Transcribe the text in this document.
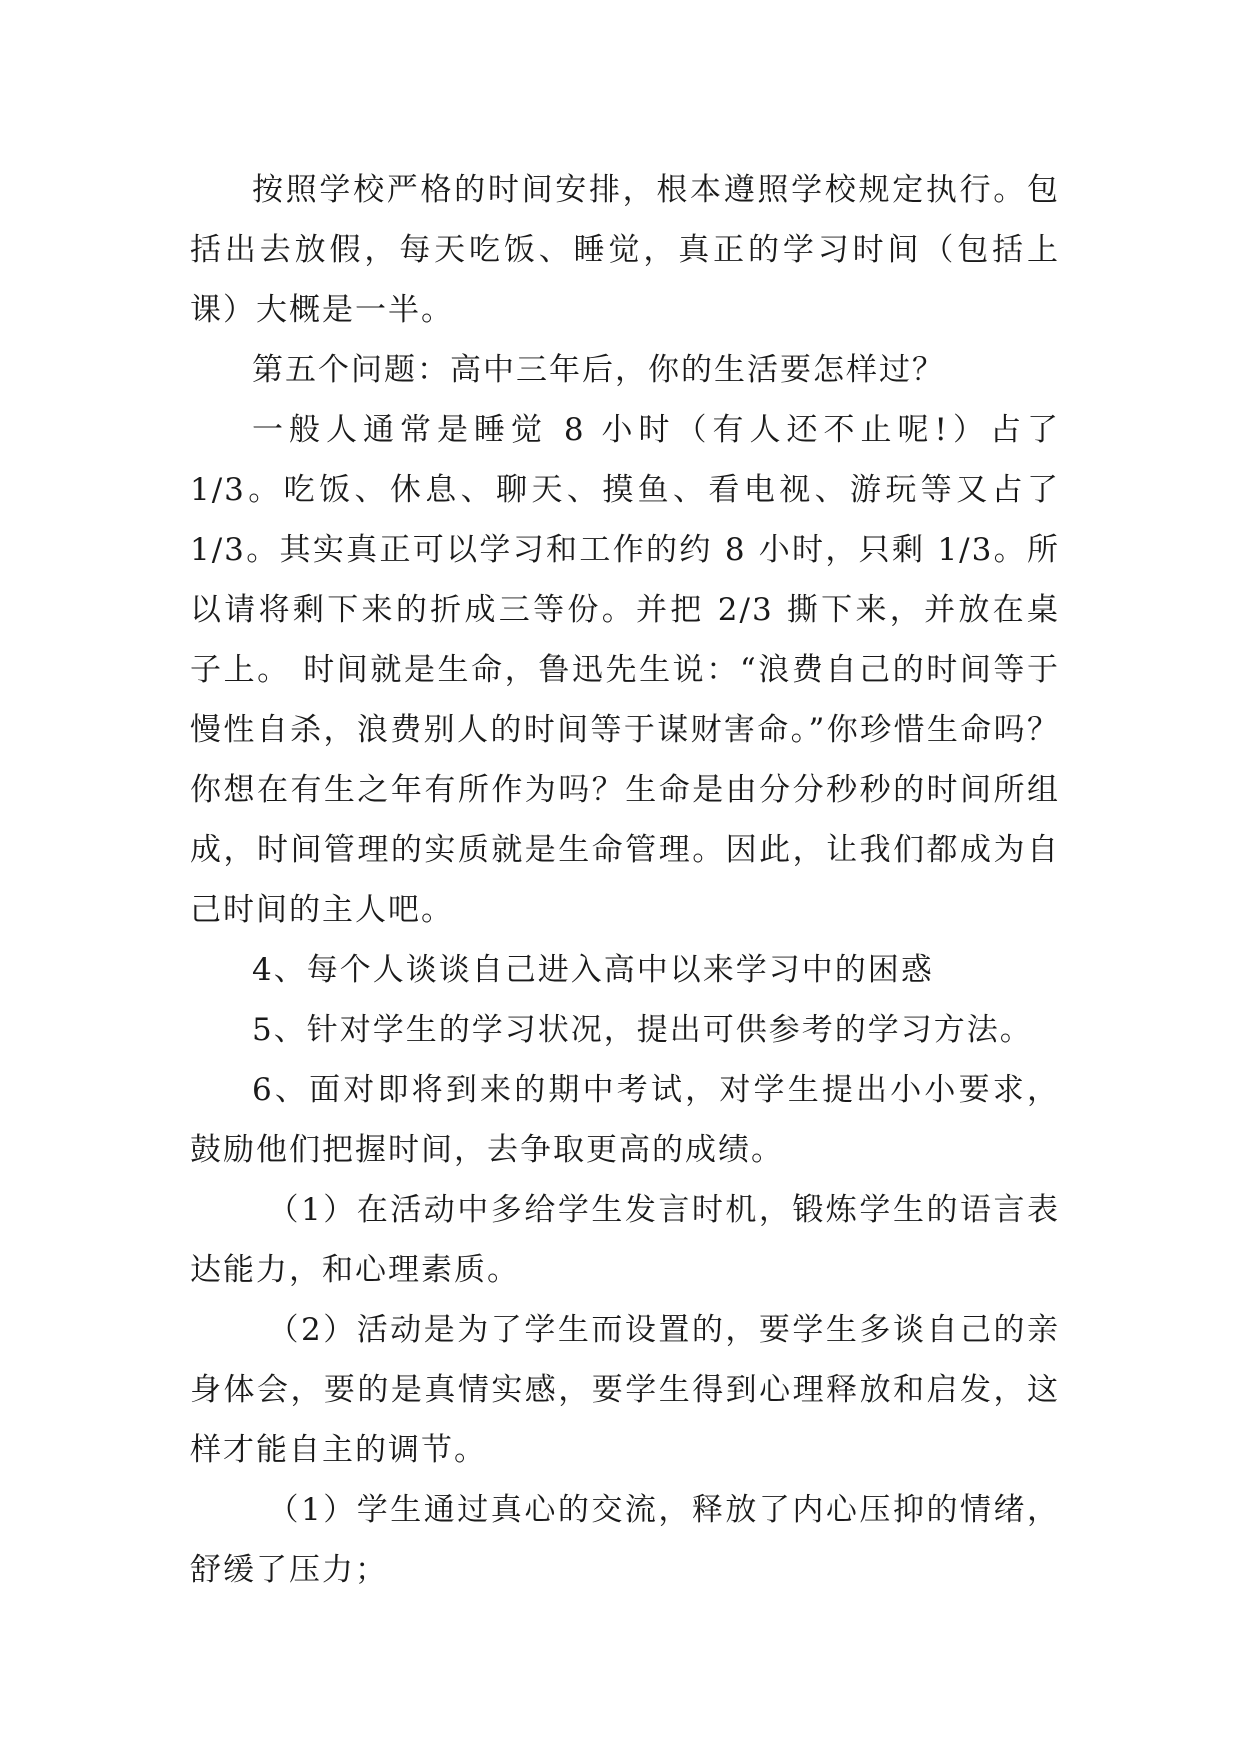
按照学校严格的时间安排，根本遵照学校规定执行。包括出去放假，每天吃饭、睡觉，真正的学习时间（包括上课）大概是一半。

第五个问题：高中三年后，你的生活要怎样过？

一般人通常是睡觉 8 小时（有人还不止呢!）占了 1/3。吃饭、休息、聊天、摸鱼、看电视、游玩等又占了 1/3。其实真正可以学习和工作的约 8 小时，只剩 1/3。所以请将剩下来的折成三等份。并把 2/3 撕下来，并放在桌子上。 时间就是生命，鲁迅先生说：“浪费自己的时间等于慢性自杀，浪费别人的时间等于谋财害命。”你珍惜生命吗？你想在有生之年有所作为吗？生命是由分分秒秒的时间所组成，时间管理的实质就是生命管理。因此，让我们都成为自己时间的主人吧。

4、每个人谈谈自己进入高中以来学习中的困惑

5、针对学生的学习状况，提出可供参考的学习方法。

6、面对即将到来的期中考试，对学生提出小小要求，鼓励他们把握时间，去争取更高的成绩。

（1）在活动中多给学生发言时机，锻炼学生的语言表达能力，和心理素质。

（2）活动是为了学生而设置的，要学生多谈自己的亲身体会，要的是真情实感，要学生得到心理释放和启发，这样才能自主的调节。

（1）学生通过真心的交流，释放了内心压抑的情绪，舒缓了压力；
